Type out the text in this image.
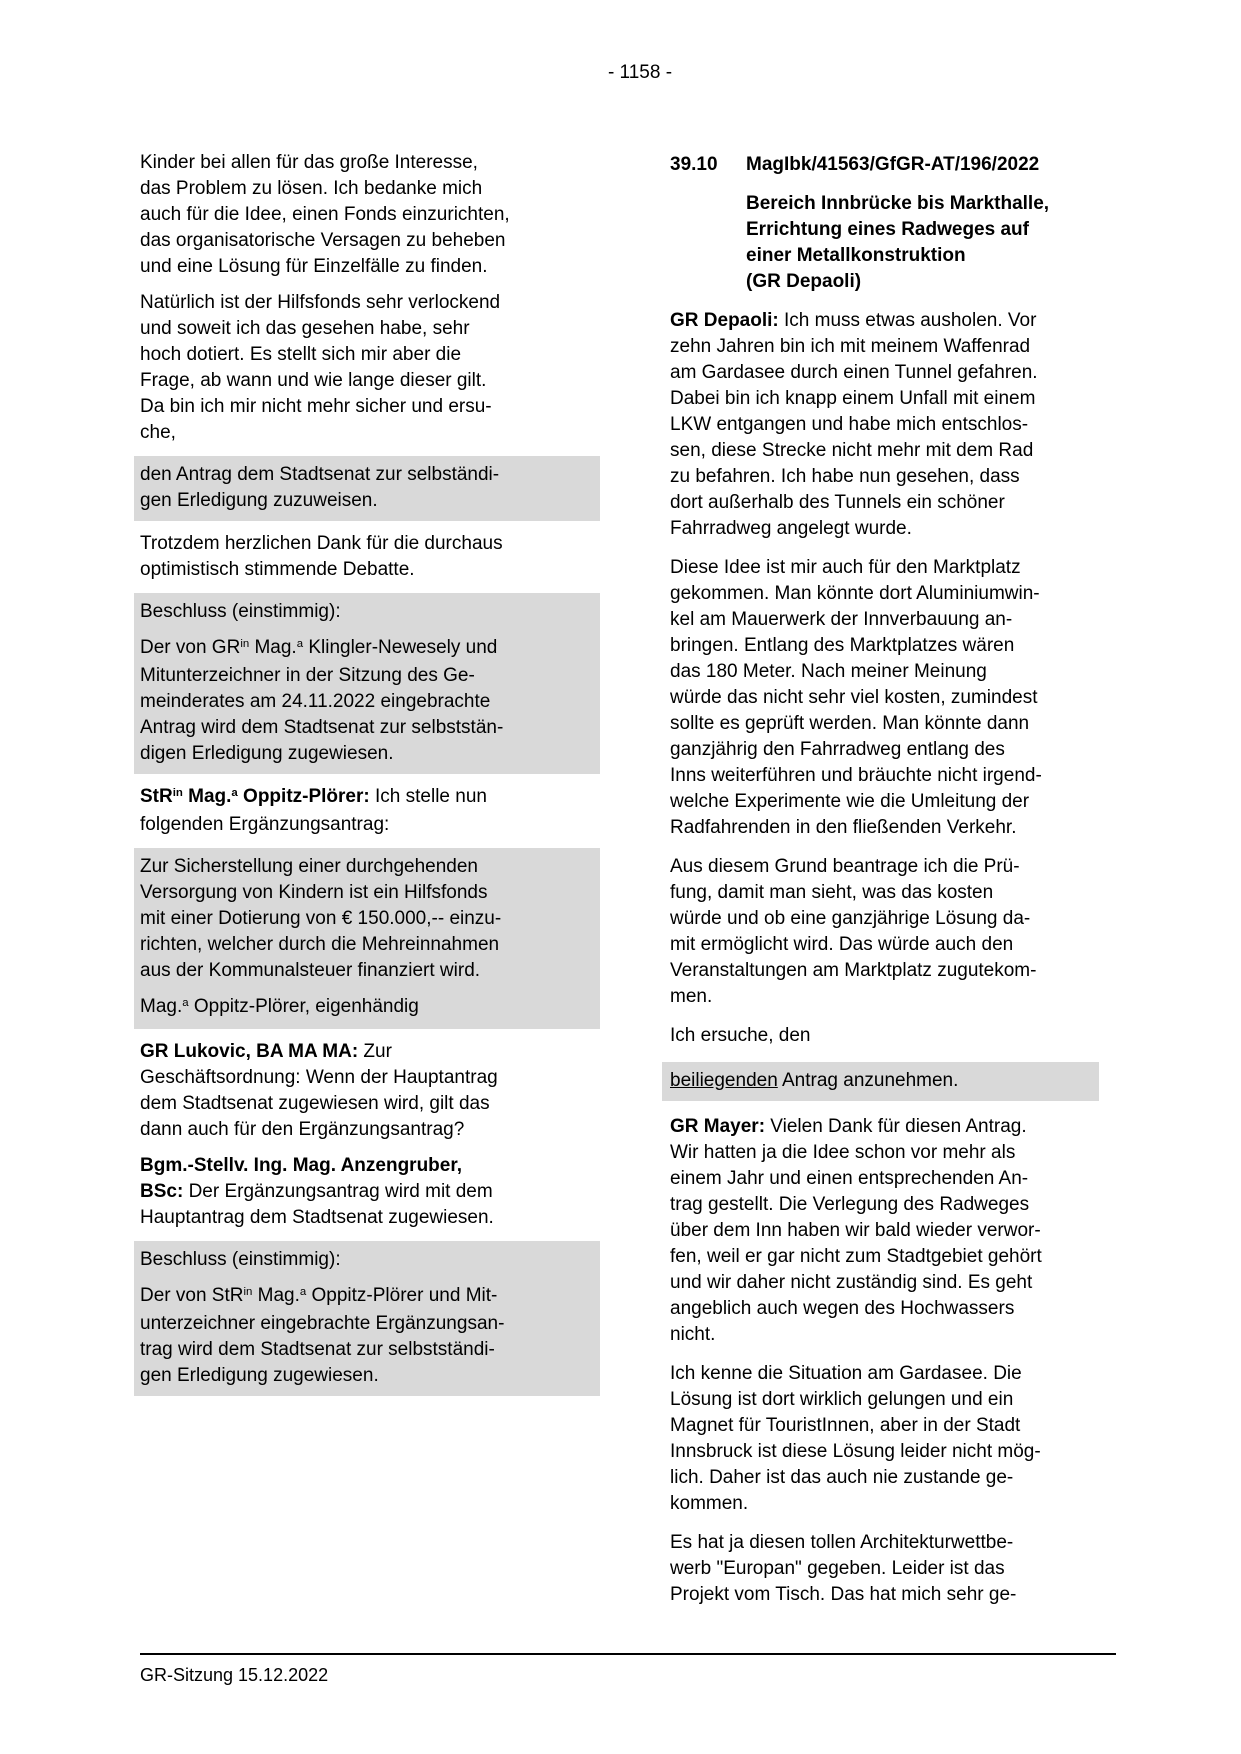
- 1158 -
Kinder bei allen für das große Interesse,
das Problem zu lösen. Ich bedanke mich
auch für die Idee, einen Fonds einzurichten,
das organisatorische Versagen zu beheben
und eine Lösung für Einzelfälle zu finden.
Natürlich ist der Hilfsfonds sehr verlockend
und soweit ich das gesehen habe, sehr
hoch dotiert. Es stellt sich mir aber die
Frage, ab wann und wie lange dieser gilt.
Da bin ich mir nicht mehr sicher und ersu-
che,
den Antrag dem Stadtsenat zur selbständi-
gen Erledigung zuzuweisen.
Trotzdem herzlichen Dank für die durchaus
optimistisch stimmende Debatte.
Beschluss (einstimmig):
Der von $GR^{in}$ Mag.$^a$ Klingler-Newesely und
Mitunterzeichner in der Sitzung des Ge-
meinderates am 24.11.2022 eingebrachte
Antrag wird dem Stadtsenat zur selbststän-
digen Erledigung zugewiesen.
StR$^{in}$ Mag.$^a$ Oppitz-Plörer: Ich stelle nun
folgenden Ergänzungsantrag:
Zur Sicherstellung einer durchgehenden
Versorgung von Kindern ist ein Hilfsfonds
mit einer Dotierung von € 150.000,-- einzu-
richten, welcher durch die Mehreinnahmen
aus der Kommunalsteuer finanziert wird.
Mag.$^a$ Oppitz-Plörer, eigenhändig
GR Lukovic, BA MA MA: Zur
Geschäftsordnung: Wenn der Hauptantrag
dem Stadtsenat zugewiesen wird, gilt das
dann auch für den Ergänzungsantrag?
Bgm.-Stellv. Ing. Mag. Anzengruber,
BSc: Der Ergänzungsantrag wird mit dem
Hauptantrag dem Stadtsenat zugewiesen.
Beschluss (einstimmig):
Der von StR$^{in}$ Mag.$^a$ Oppitz-Plörer und Mit-
unterzeichner eingebrachte Ergänzungsan-
trag wird dem Stadtsenat zur selbstständi-
gen Erledigung zugewiesen.
39.10	MagIbk/41563/GfGR-AT/196/2022
Bereich Innbrücke bis Markthalle,
Errichtung eines Radweges auf
einer Metallkonstruktion
(GR Depaoli)
GR Depaoli: Ich muss etwas ausholen. Vor
zehn Jahren bin ich mit meinem Waffenrad
am Gardasee durch einen Tunnel gefahren.
Dabei bin ich knapp einem Unfall mit einem
LKW entgangen und habe mich entschlos-
sen, diese Strecke nicht mehr mit dem Rad
zu befahren. Ich habe nun gesehen, dass
dort außerhalb des Tunnels ein schöner
Fahrradweg angelegt wurde.
Diese Idee ist mir auch für den Marktplatz
gekommen. Man könnte dort Aluminiumwin-
kel am Mauerwerk der Innverbauung an-
bringen. Entlang des Marktplatzes wären
das 180 Meter. Nach meiner Meinung
würde das nicht sehr viel kosten, zumindest
sollte es geprüft werden. Man könnte dann
ganzjährig den Fahrradweg entlang des
Inns weiterführen und bräuchte nicht irgend-
welche Experimente wie die Umleitung der
Radfahrenden in den fließenden Verkehr.
Aus diesem Grund beantrage ich die Prü-
fung, damit man sieht, was das kosten
würde und ob eine ganzjährige Lösung da-
mit ermöglicht wird. Das würde auch den
Veranstaltungen am Marktplatz zugutekom-
men.
Ich ersuche, den
beiliegenden Antrag anzunehmen.
GR Mayer: Vielen Dank für diesen Antrag.
Wir hatten ja die Idee schon vor mehr als
einem Jahr und einen entsprechenden An-
trag gestellt. Die Verlegung des Radweges
über dem Inn haben wir bald wieder verwor-
fen, weil er gar nicht zum Stadtgebiet gehört
und wir daher nicht zuständig sind. Es geht
angeblich auch wegen des Hochwassers
nicht.
Ich kenne die Situation am Gardasee. Die
Lösung ist dort wirklich gelungen und ein
Magnet für TouristInnen, aber in der Stadt
Innsbruck ist diese Lösung leider nicht mög-
lich. Daher ist das auch nie zustande ge-
kommen.
Es hat ja diesen tollen Architekturwettbe-
werb "Europan" gegeben. Leider ist das
Projekt vom Tisch. Das hat mich sehr ge-
GR-Sitzung 15.12.2022
